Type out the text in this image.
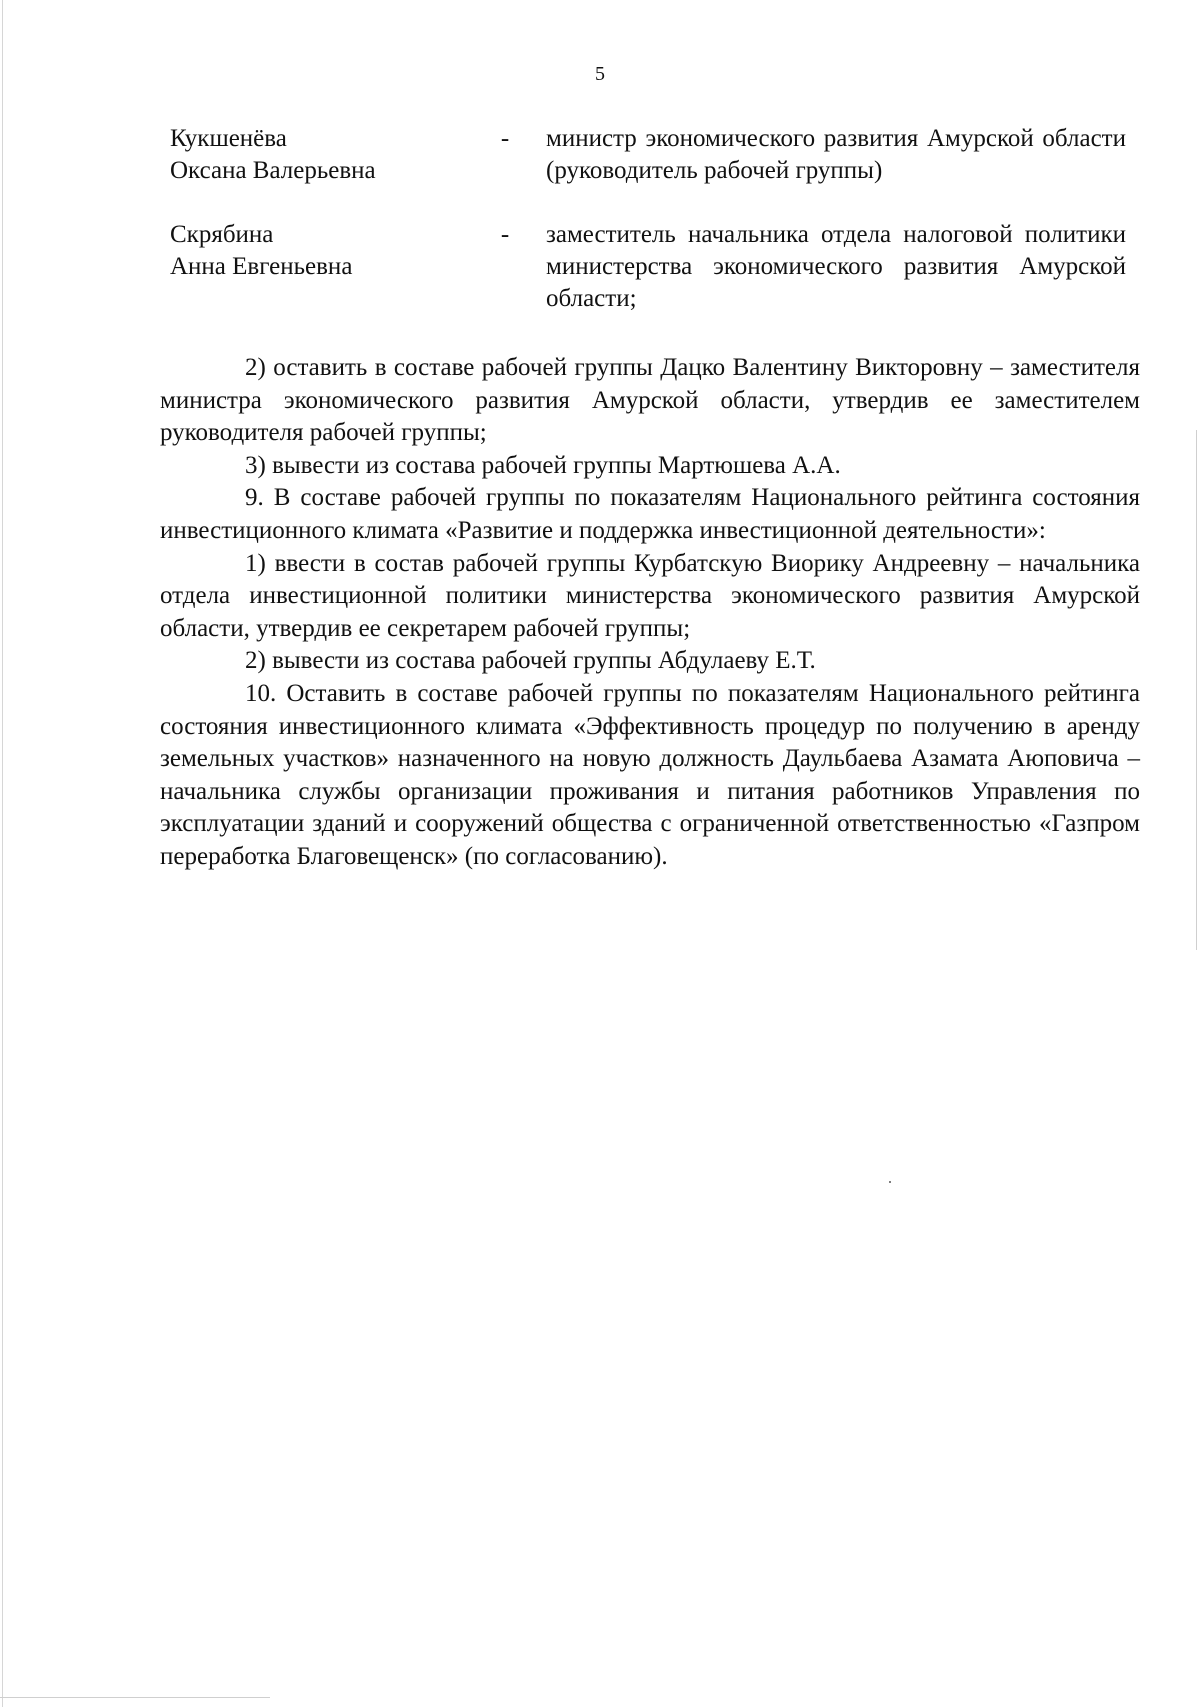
5
Кукшенёва
Оксана Валерьевна
- министр экономического развития Амурской области (руководитель рабочей группы)
Скрябина
Анна Евгеньевна
- заместитель начальника отдела налоговой политики министерства экономического развития Амурской области;

2) оставить в составе рабочей группы Дацко Валентину Викторовну – заместителя министра экономического развития Амурской области, утвердив ее заместителем руководителя рабочей группы;

3) вывести из состава рабочей группы Мартюшева А.А.

9. В составе рабочей группы по показателям Национального рейтинга состояния инвестиционного климата «Развитие и поддержка инвестиционной деятельности»:

1) ввести в состав рабочей группы Курбатскую Виорику Андреевну – начальника отдела инвестиционной политики министерства экономического развития Амурской области, утвердив ее секретарем рабочей группы;

2) вывести из состава рабочей группы Абдулаеву Е.Т.

10. Оставить в составе рабочей группы по показателям Национального рейтинга состояния инвестиционного климата «Эффективность процедур по получению в аренду земельных участков» назначенного на новую должность Даульбаева Азамата Аюповича – начальника службы организации проживания и питания работников Управления по эксплуатации зданий и сооружений общества с ограниченной ответственностью «Газпром переработка Благовещенск» (по согласованию).
